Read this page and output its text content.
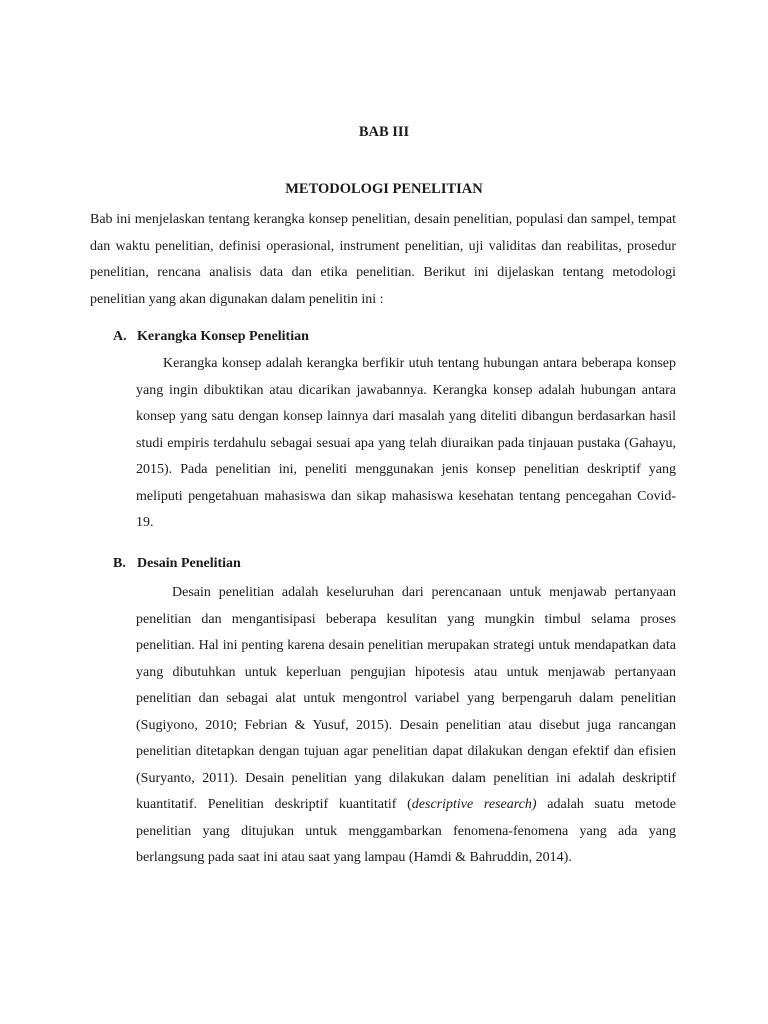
BAB III
METODOLOGI PENELITIAN

Bab ini menjelaskan tentang kerangka konsep penelitian, desain penelitian, populasi dan sampel, tempat dan waktu penelitian, definisi operasional, instrument penelitian, uji validitas dan reabilitas, prosedur penelitian, rencana analisis data dan etika penelitian. Berikut ini dijelaskan tentang metodologi penelitian yang akan digunakan dalam penelitin ini :

A. Kerangka Konsep Penelitian

Kerangka konsep adalah kerangka berfikir utuh tentang hubungan antara beberapa konsep yang ingin dibuktikan atau dicarikan jawabannya. Kerangka konsep adalah hubungan antara konsep yang satu dengan konsep lainnya dari masalah yang diteliti dibangun berdasarkan hasil studi empiris terdahulu sebagai sesuai apa yang telah diuraikan pada tinjauan pustaka (Gahayu, 2015). Pada penelitian ini, peneliti menggunakan jenis konsep penelitian deskriptif yang meliputi pengetahuan mahasiswa dan sikap mahasiswa kesehatan tentang pencegahan Covid-19.

B. Desain Penelitian

Desain penelitian adalah keseluruhan dari perencanaan untuk menjawab pertanyaan penelitian dan mengantisipasi beberapa kesulitan yang mungkin timbul selama proses penelitian. Hal ini penting karena desain penelitian merupakan strategi untuk mendapatkan data yang dibutuhkan untuk keperluan pengujian hipotesis atau untuk menjawab pertanyaan penelitian dan sebagai alat untuk mengontrol variabel yang berpengaruh dalam penelitian (Sugiyono, 2010; Febrian & Yusuf, 2015). Desain penelitian atau disebut juga rancangan penelitian ditetapkan dengan tujuan agar penelitian dapat dilakukan dengan efektif dan efisien (Suryanto, 2011). Desain penelitian yang dilakukan dalam penelitian ini adalah deskriptif kuantitatif. Penelitian deskriptif kuantitatif (descriptive research) adalah suatu metode penelitian yang ditujukan untuk menggambarkan fenomena-fenomena yang ada yang berlangsung pada saat ini atau saat yang lampau (Hamdi & Bahruddin, 2014).
